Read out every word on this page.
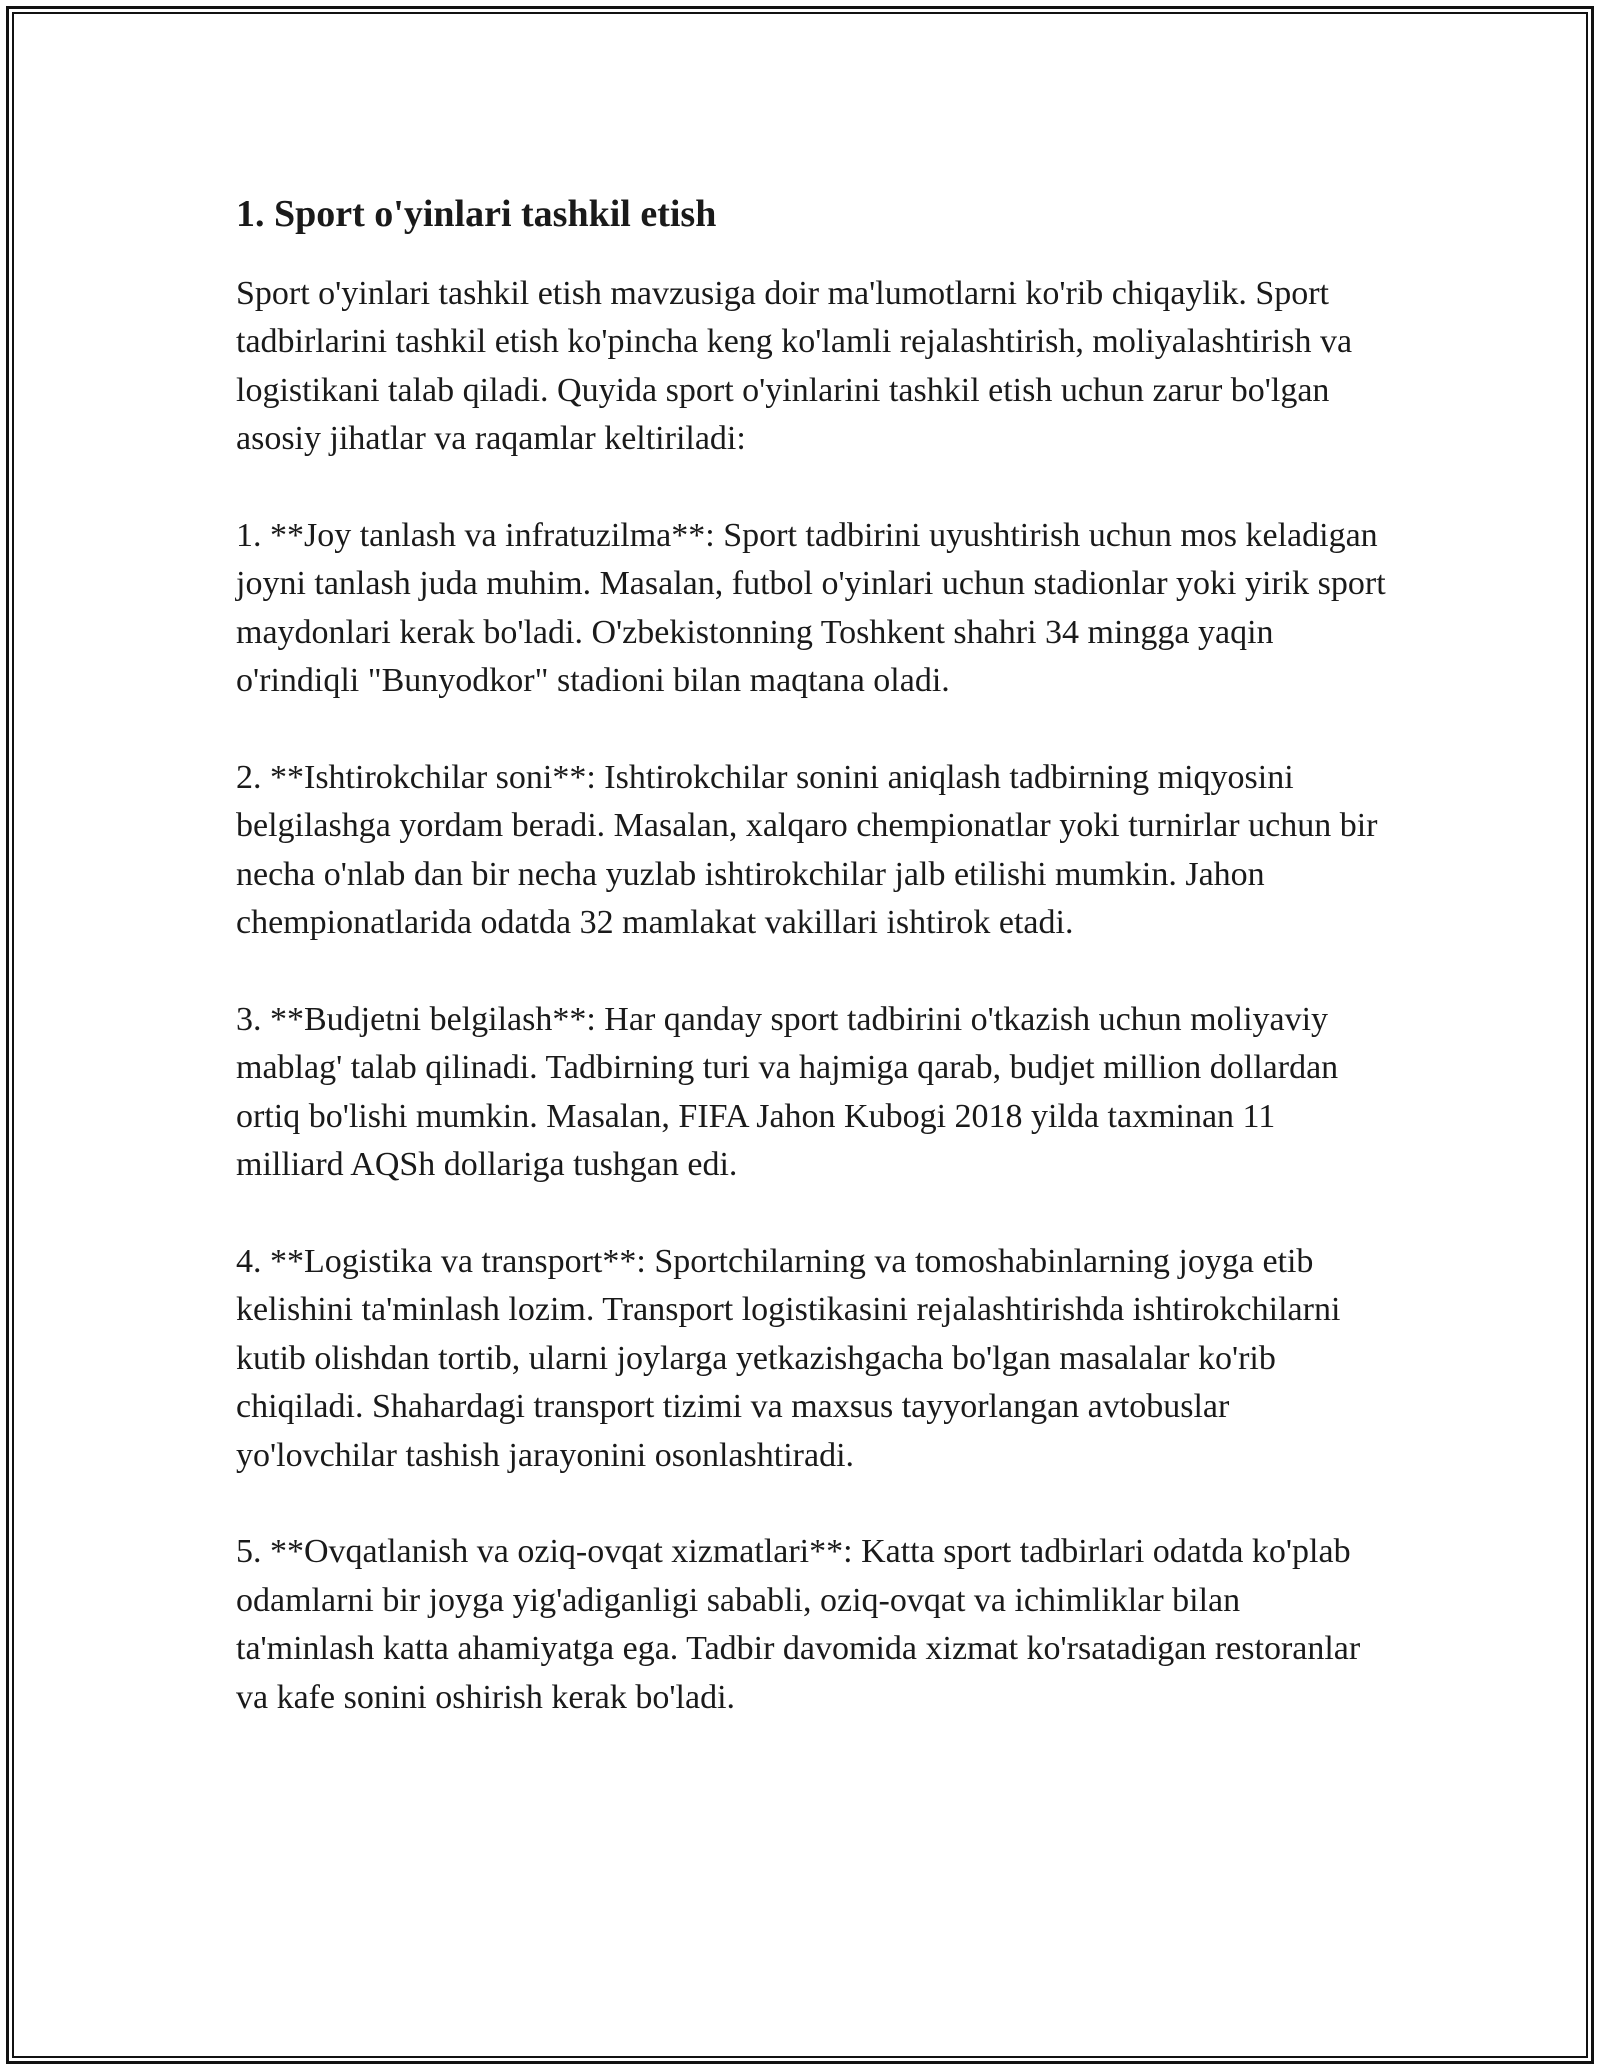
1. Sport o'yinlari tashkil etish

Sport o'yinlari tashkil etish mavzusiga doir ma'lumotlarni ko'rib chiqaylik. Sport tadbirlarini tashkil etish ko'pincha keng ko'lamli rejalashtirish, moliyalashtirish va logistikani talab qiladi. Quyida sport o'yinlarini tashkil etish uchun zarur bo'lgan asosiy jihatlar va raqamlar keltiriladi:

1. **Joy tanlash va infratuzilma**: Sport tadbirini uyushtirish uchun mos keladigan joyni tanlash juda muhim. Masalan, futbol o'yinlari uchun stadionlar yoki yirik sport maydonlari kerak bo'ladi. O'zbekistonning Toshkent shahri 34 mingga yaqin o'rindiqli "Bunyodkor" stadioni bilan maqtana oladi.

2. **Ishtirokchilar soni**: Ishtirokchilar sonini aniqlash tadbirning miqyosini belgilashga yordam beradi. Masalan, xalqaro chempionatlar yoki turnirlar uchun bir necha o'nlab dan bir necha yuzlab ishtirokchilar jalb etilishi mumkin. Jahon chempionatlarida odatda 32 mamlakat vakillari ishtirok etadi.

3. **Budjetni belgilash**: Har qanday sport tadbirini o'tkazish uchun moliyaviy mablag' talab qilinadi. Tadbirning turi va hajmiga qarab, budjet million dollardan ortiq bo'lishi mumkin. Masalan, FIFA Jahon Kubogi 2018 yilda taxminan 11 milliard AQSh dollariga tushgan edi.

4. **Logistika va transport**: Sportchilarning va tomoshabinlarning joyga etib kelishini ta'minlash lozim. Transport logistikasini rejalashtirishda ishtirokchilarni kutib olishdan tortib, ularni joylarga yetkazishgacha bo'lgan masalalar ko'rib chiqiladi. Shahardagi transport tizimi va maxsus tayyorlangan avtobuslar yo'lovchilar tashish jarayonini osonlashtiradi.

5. **Ovqatlanish va oziq-ovqat xizmatlari**: Katta sport tadbirlari odatda ko'plab odamlarni bir joyga yig'adiganligi sababli, oziq-ovqat va ichimliklar bilan ta'minlash katta ahamiyatga ega. Tadbir davomida xizmat ko'rsatadigan restoranlar va kafe sonini oshirish kerak bo'ladi.
